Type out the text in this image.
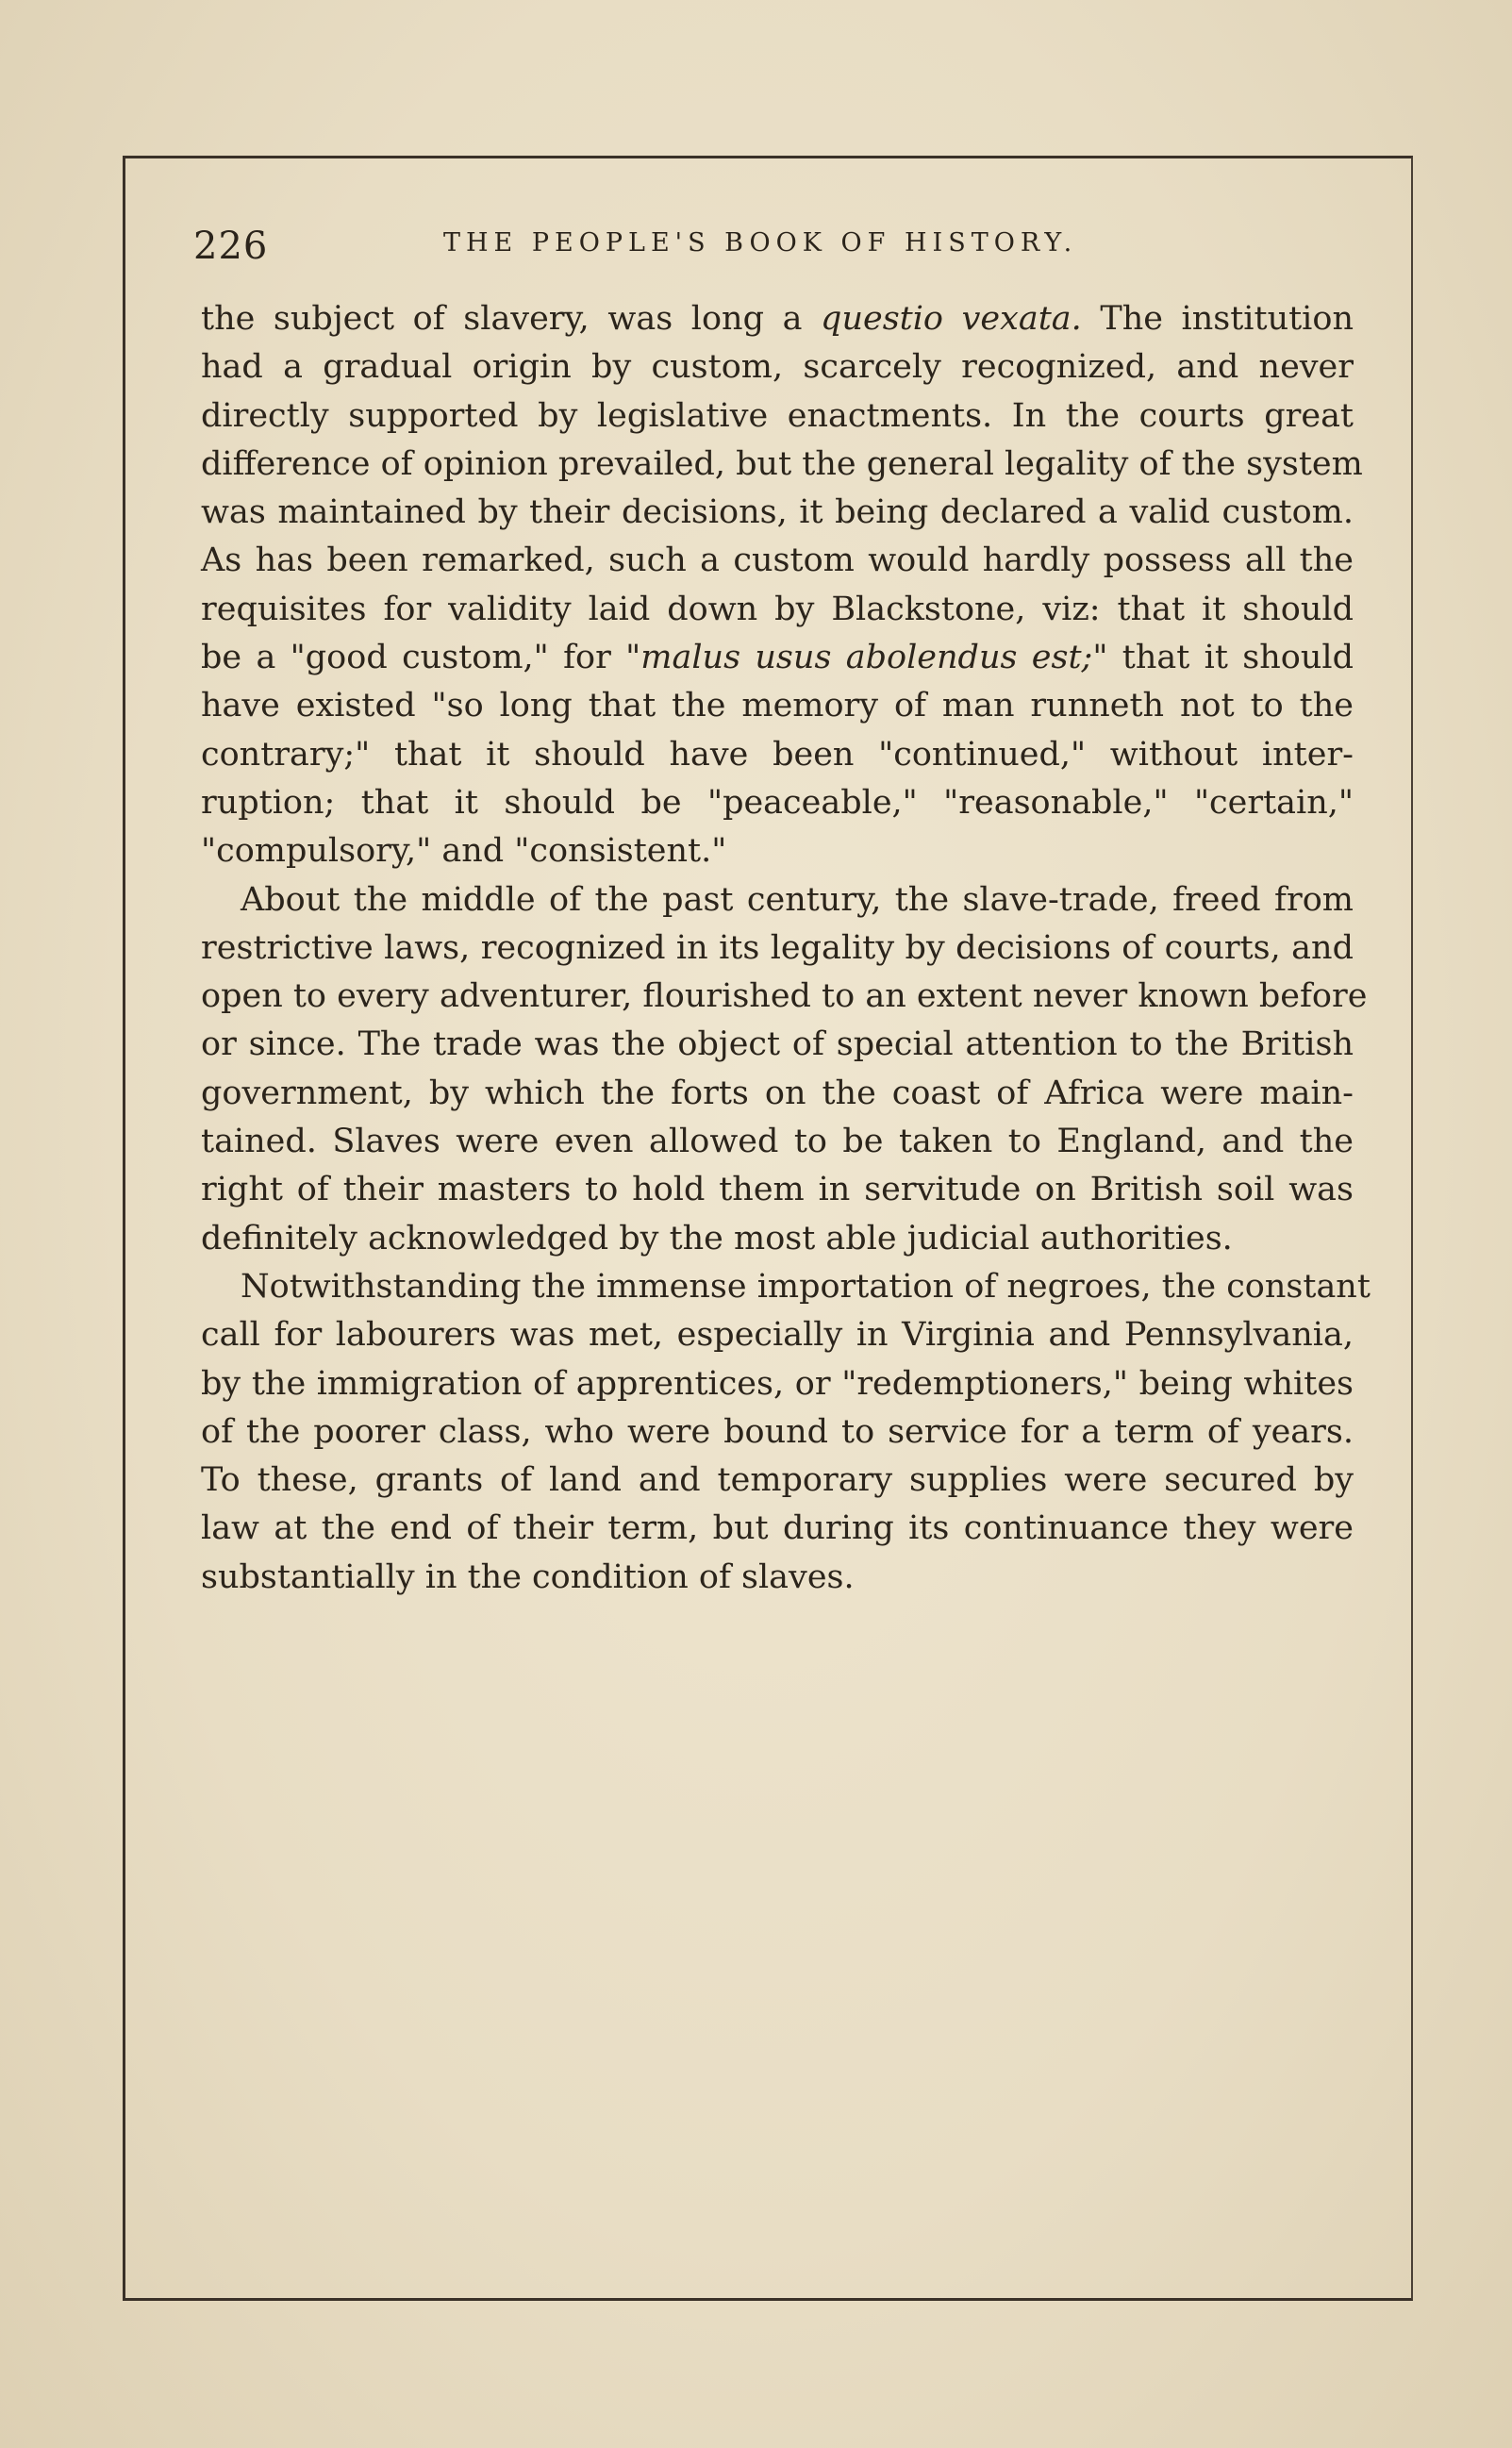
226	THE PEOPLE'S BOOK OF HISTORY.
the subject of slavery, was long a questio vexata. The institution
had a gradual origin by custom, scarcely recognized, and never
directly supported by legislative enactments. In the courts great
difference of opinion prevailed, but the general legality of the system
was maintained by their decisions, it being declared a valid custom.
As has been remarked, such a custom would hardly possess all the
requisites for validity laid down by Blackstone, viz: that it should
be a "good custom," for "malus usus abolendus est;" that it should
have existed "so long that the memory of man runneth not to the
contrary;" that it should have been "continued," without inter-
ruption; that it should be "peaceable," "reasonable," "certain,"
"compulsory," and "consistent."
About the middle of the past century, the slave-trade, freed from
restrictive laws, recognized in its legality by decisions of courts, and
open to every adventurer, flourished to an extent never known before
or since. The trade was the object of special attention to the British
government, by which the forts on the coast of Africa were main-
tained. Slaves were even allowed to be taken to England, and the
right of their masters to hold them in servitude on British soil was
definitely acknowledged by the most able judicial authorities.
Notwithstanding the immense importation of negroes, the constant
call for labourers was met, especially in Virginia and Pennsylvania,
by the immigration of apprentices, or "redemptioners," being whites
of the poorer class, who were bound to service for a term of years.
To these, grants of land and temporary supplies were secured by
law at the end of their term, but during its continuance they were
substantially in the condition of slaves.
